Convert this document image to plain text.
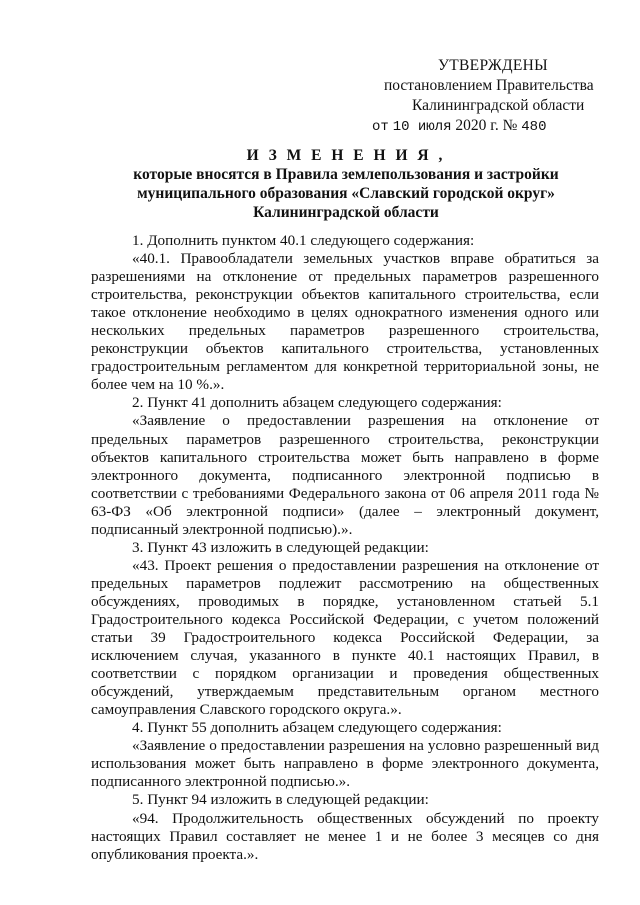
УТВЕРЖДЕНЫ
постановлением Правительства
Калининградской области
от 10 июля 2020 г. № 480
И З М Е Н Е Н И Я ,
которые вносятся в Правила землепользования и застройки
муниципального образования «Славский городской округ»
Калининградской области

1. Дополнить пунктом 40.1 следующего содержания:

«40.1. Правообладатели земельных участков вправе обратиться за разрешениями на отклонение от предельных параметров разрешенного строительства, реконструкции объектов капитального строительства, если такое отклонение необходимо в целях однократного изменения одного или нескольких предельных параметров разрешенного строительства, реконструкции объектов капитального строительства, установленных градостроительным регламентом для конкретной территориальной зоны, не более чем на 10 %.».

2. Пункт 41 дополнить абзацем следующего содержания:

«Заявление о предоставлении разрешения на отклонение от предельных параметров разрешенного строительства, реконструкции объектов капитального строительства может быть направлено в форме электронного документа, подписанного электронной подписью в соответствии с требованиями Федерального закона от 06 апреля 2011 года № 63-ФЗ «Об электронной подписи» (далее – электронный документ, подписанный электронной подписью).».

3. Пункт 43 изложить в следующей редакции:

«43. Проект решения о предоставлении разрешения на отклонение от предельных параметров подлежит рассмотрению на общественных обсуждениях, проводимых в порядке, установленном статьей 5.1 Градостроительного кодекса Российской Федерации, с учетом положений статьи 39 Градостроительного кодекса Российской Федерации, за исключением случая, указанного в пункте 40.1 настоящих Правил, в соответствии с порядком организации и проведения общественных обсуждений, утверждаемым представительным органом местного самоуправления Славского городского округа.».

4. Пункт 55 дополнить абзацем следующего содержания:

«Заявление о предоставлении разрешения на условно разрешенный вид использования может быть направлено в форме электронного документа, подписанного электронной подписью.».

5. Пункт 94 изложить в следующей редакции:

«94. Продолжительность общественных обсуждений по проекту настоящих Правил составляет не менее 1 и не более 3 месяцев со дня опубликования проекта.».
